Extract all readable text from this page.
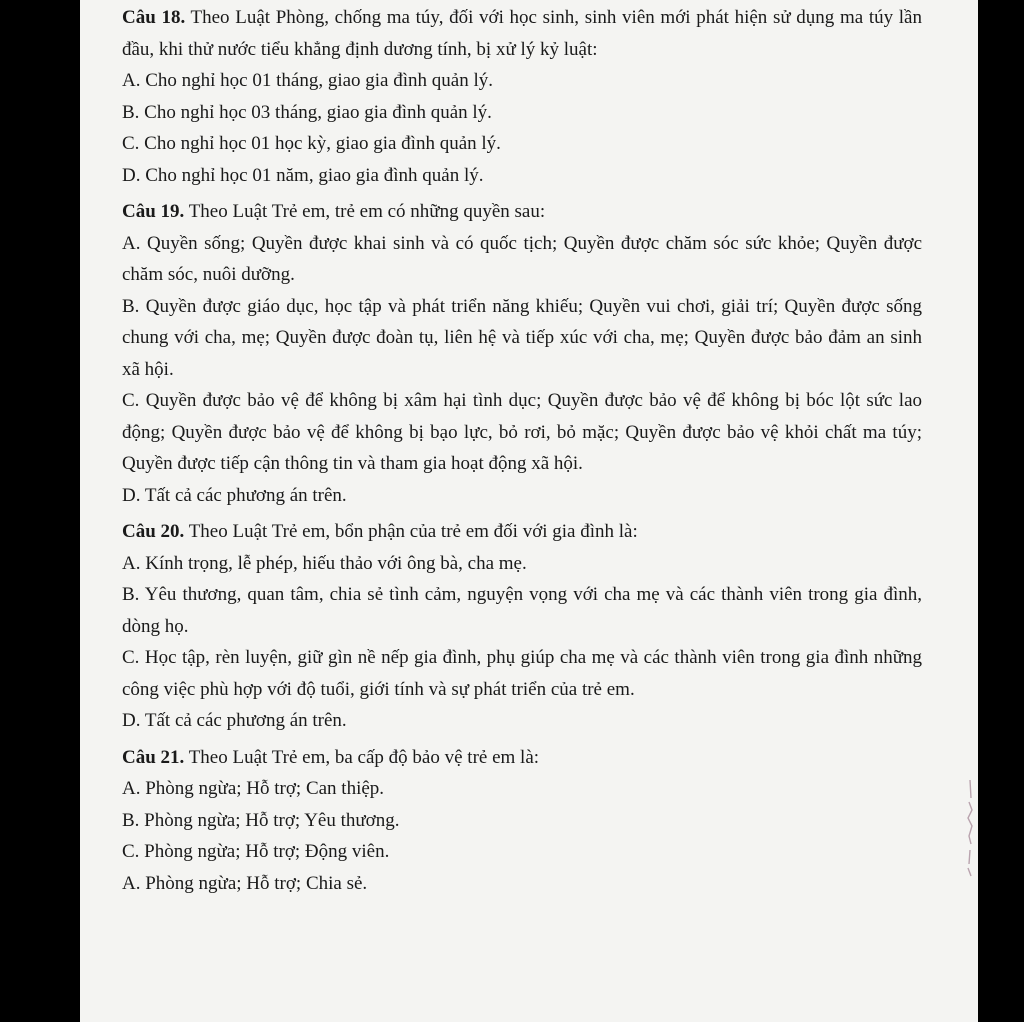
Câu 18. Theo Luật Phòng, chống ma túy, đối với học sinh, sinh viên mới phát hiện sử dụng ma túy lần đầu, khi thử nước tiểu khẳng định dương tính, bị xử lý kỷ luật:
A. Cho nghỉ học 01 tháng, giao gia đình quản lý.
B. Cho nghỉ học 03 tháng, giao gia đình quản lý.
C. Cho nghỉ học 01 học kỳ, giao gia đình quản lý.
D. Cho nghỉ học 01 năm, giao gia đình quản lý.
Câu 19. Theo Luật Trẻ em, trẻ em có những quyền sau:
A. Quyền sống; Quyền được khai sinh và có quốc tịch; Quyền được chăm sóc sức khỏe; Quyền được chăm sóc, nuôi dưỡng.
B. Quyền được giáo dục, học tập và phát triển năng khiếu; Quyền vui chơi, giải trí; Quyền được sống chung với cha, mẹ; Quyền được đoàn tụ, liên hệ và tiếp xúc với cha, mẹ; Quyền được bảo đảm an sinh xã hội.
C. Quyền được bảo vệ để không bị xâm hại tình dục; Quyền được bảo vệ để không bị bóc lột sức lao động; Quyền được bảo vệ để không bị bạo lực, bỏ rơi, bỏ mặc; Quyền được bảo vệ khỏi chất ma túy; Quyền được tiếp cận thông tin và tham gia hoạt động xã hội.
D. Tất cả các phương án trên.
Câu 20. Theo Luật Trẻ em, bổn phận của trẻ em đối với gia đình là:
A. Kính trọng, lễ phép, hiếu thảo với ông bà, cha mẹ.
B. Yêu thương, quan tâm, chia sẻ tình cảm, nguyện vọng với cha mẹ và các thành viên trong gia đình, dòng họ.
C. Học tập, rèn luyện, giữ gìn nề nếp gia đình, phụ giúp cha mẹ và các thành viên trong gia đình những công việc phù hợp với độ tuổi, giới tính và sự phát triển của trẻ em.
D. Tất cả các phương án trên.
Câu 21. Theo Luật Trẻ em, ba cấp độ bảo vệ trẻ em là:
A. Phòng ngừa; Hỗ trợ; Can thiệp.
B. Phòng ngừa; Hỗ trợ; Yêu thương.
C. Phòng ngừa; Hỗ trợ; Động viên.
A. Phòng ngừa; Hỗ trợ; Chia sẻ.
